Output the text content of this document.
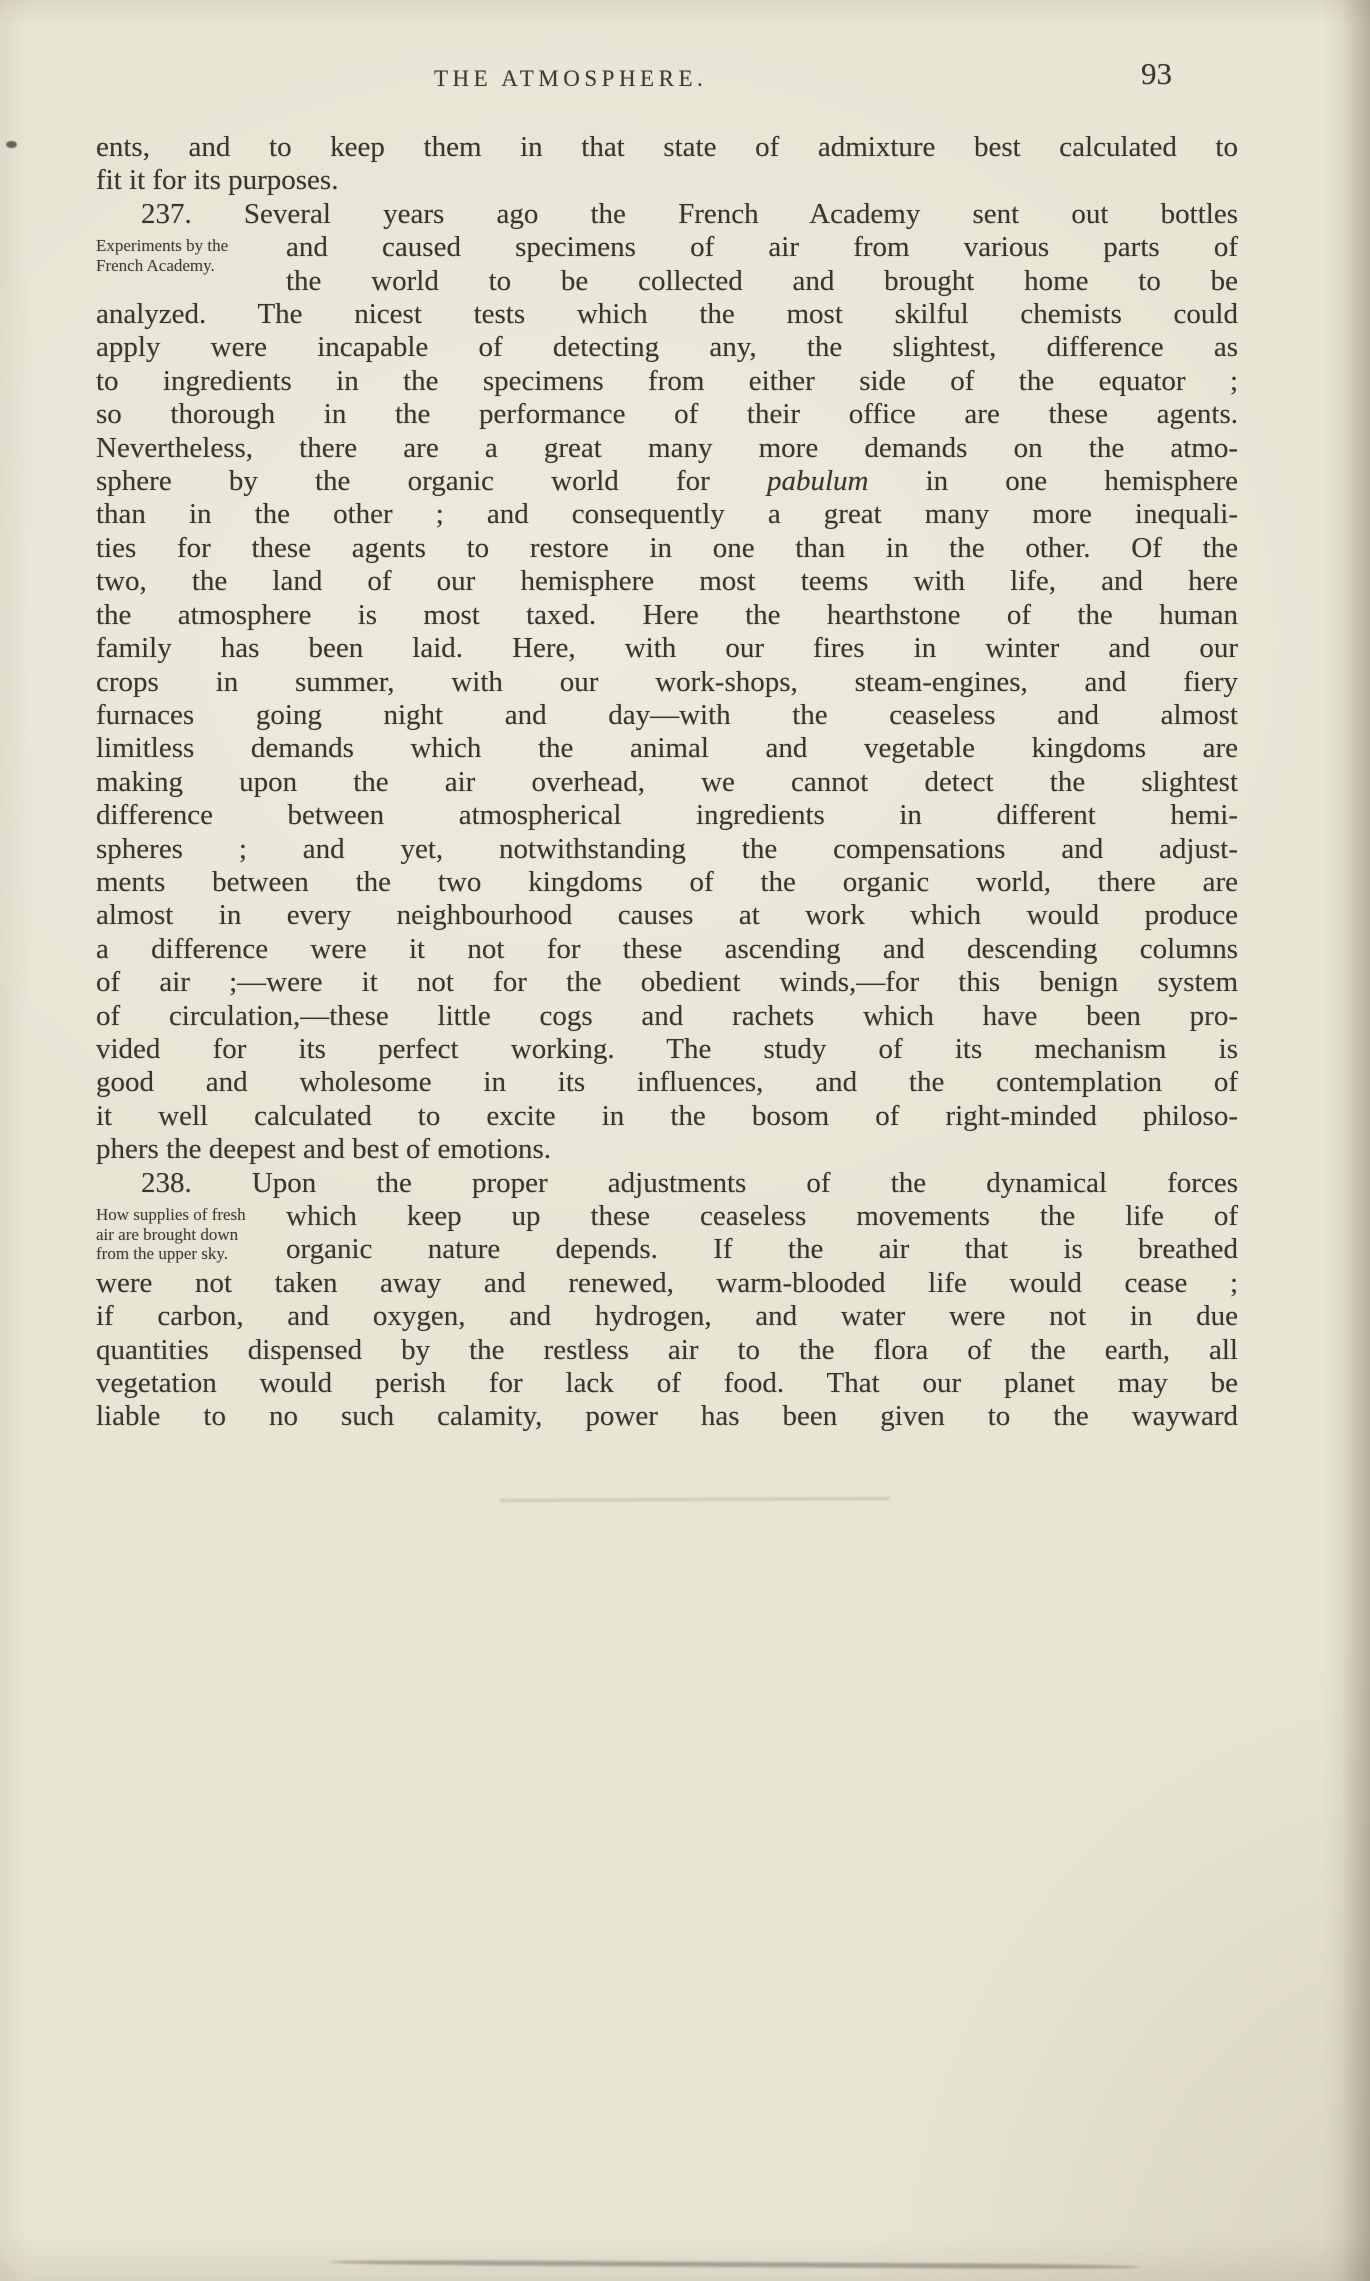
THE ATMOSPHERE.	93
ents, and to keep them in that state of admixture best calculated to
fit it for its purposes.
237. Several years ago the French Academy sent out bottles
Experiments by the
French Academy.
and caused specimens of air from various parts of
the world to be collected and brought home to be
analyzed. The nicest tests which the most skilful chemists could
apply were incapable of detecting any, the slightest, difference as
to ingredients in the specimens from either side of the equator ;
so thorough in the performance of their office are these agents.
Nevertheless, there are a great many more demands on the atmo-
sphere by the organic world for pabulum in one hemisphere
than in the other ; and consequently a great many more inequali-
ties for these agents to restore in one than in the other. Of the
two, the land of our hemisphere most teems with life, and here
the atmosphere is most taxed. Here the hearthstone of the human
family has been laid. Here, with our fires in winter and our
crops in summer, with our work-shops, steam-engines, and fiery
furnaces going night and day—with the ceaseless and almost
limitless demands which the animal and vegetable kingdoms are
making upon the air overhead, we cannot detect the slightest
difference between atmospherical ingredients in different hemi-
spheres ; and yet, notwithstanding the compensations and adjust-
ments between the two kingdoms of the organic world, there are
almost in every neighbourhood causes at work which would produce
a difference were it not for these ascending and descending columns
of air ;—were it not for the obedient winds,—for this benign system
of circulation,—these little cogs and rachets which have been pro-
vided for its perfect working. The study of its mechanism is
good and wholesome in its influences, and the contemplation of
it well calculated to excite in the bosom of right-minded philoso-
phers the deepest and best of emotions.
238. Upon the proper adjustments of the dynamical forces
How supplies of fresh
air are brought down
from the upper sky.
which keep up these ceaseless movements the life of
organic nature depends. If the air that is breathed
were not taken away and renewed, warm-blooded life would cease ;
if carbon, and oxygen, and hydrogen, and water were not in due
quantities dispensed by the restless air to the flora of the earth, all
vegetation would perish for lack of food. That our planet may be
liable to no such calamity, power has been given to the wayward
